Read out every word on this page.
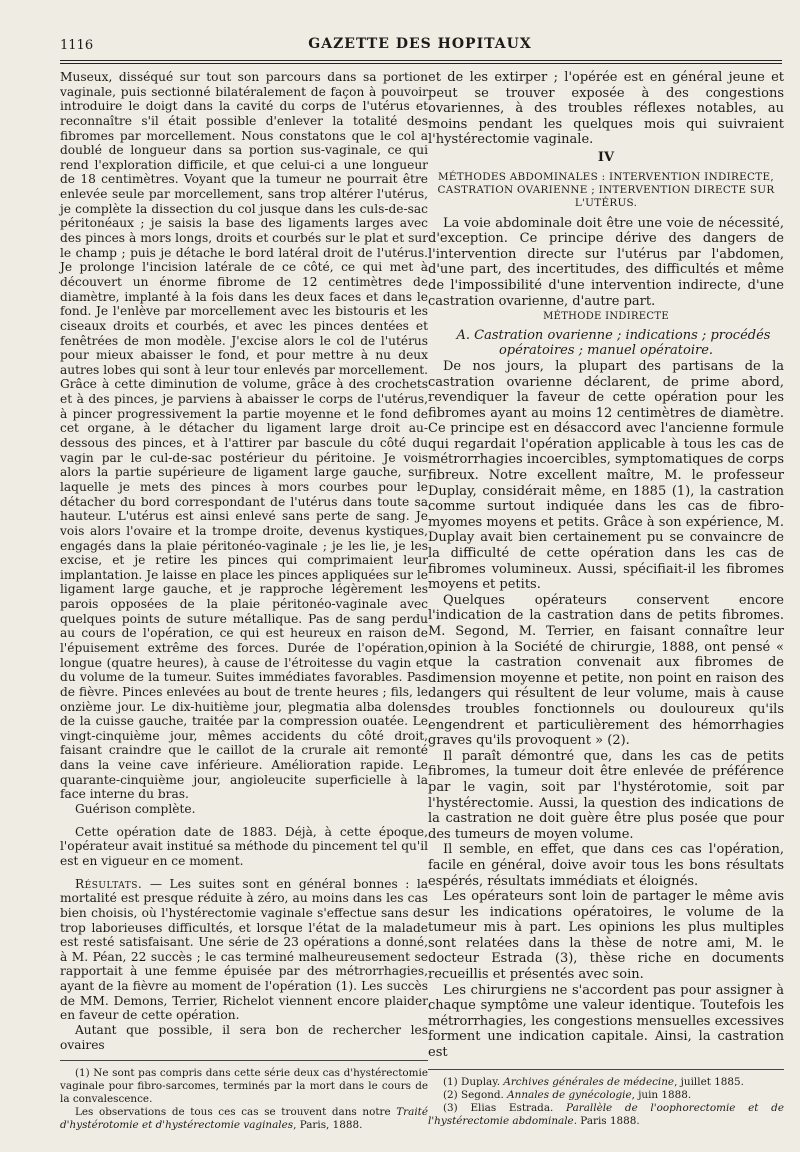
1116	GAZETTE DES HOPITAUX

Museux, disséqué sur tout son parcours dans sa portion vaginale, puis sectionné bilatéralement de façon à pouvoir introduire le doigt dans la cavité du corps de l'utérus et reconnaître s'il était possible d'enlever la totalité des fibromes par morcellement. Nous constatons que le col a doublé de longueur dans sa portion sus-vaginale, ce qui rend l'exploration difficile, et que celui-ci a une longueur de 18 centimètres. Voyant que la tumeur ne pourrait être enlevée seule par morcellement, sans trop altérer l'utérus, je complète la dissection du col jusque dans les culs-de-sac péritonéaux ; je saisis la base des ligaments larges avec des pinces à mors longs, droits et courbés sur le plat et sur le champ ; puis je détache le bord latéral droit de l'utérus. Je prolonge l'incision latérale de ce côté, ce qui met à découvert un énorme fibrome de 12 centimètres de diamètre, implanté à la fois dans les deux faces et dans le fond. Je l'enlève par morcellement avec les bistouris et les ciseaux droits et courbés, et avec les pinces dentées et fenêtrées de mon modèle. J'excise alors le col de l'utérus pour mieux abaisser le fond, et pour mettre à nu deux autres lobes qui sont à leur tour enlevés par morcellement. Grâce à cette diminution de volume, grâce à des crochets et à des pinces, je parviens à abaisser le corps de l'utérus, à pincer progressivement la partie moyenne et le fond de cet organe, à le détacher du ligament large droit au-dessous des pinces, et à l'attirer par bascule du côté du vagin par le cul-de-sac postérieur du péritoine. Je vois alors la partie supérieure de ligament large gauche, sur laquelle je mets des pinces à mors courbes pour le détacher du bord correspondant de l'utérus dans toute sa hauteur. L'utérus est ainsi enlevé sans perte de sang. Je vois alors l'ovaire et la trompe droite, devenus kystiques, engagés dans la plaie péritonéo-vaginale ; je les lie, je les excise, et je retire les pinces qui comprimaient leur implantation. Je laisse en place les pinces appliquées sur le ligament large gauche, et je rapproche légèrement les parois opposées de la plaie péritonéo-vaginale avec quelques points de suture métallique. Pas de sang perdu au cours de l'opération, ce qui est heureux en raison de l'épuisement extrême des forces. Durée de l'opération, longue (quatre heures), à cause de l'étroitesse du vagin et du volume de la tumeur. Suites immédiates favorables. Pas de fièvre. Pinces enlevées au bout de trente heures ; fils, le onzième jour. Le dix-huitième jour, plegmatia alba dolens de la cuisse gauche, traitée par la compression ouatée. Le vingt-cinquième jour, mêmes accidents du côté droit, faisant craindre que le caillot de la crurale ait remonté dans la veine cave inférieure. Amélioration rapide. Le quarante-cinquième jour, angioleucite superficielle à la face interne du bras.

Guérison complète.

Cette opération date de 1883. Déjà, à cette époque, l'opérateur avait institué sa méthode du pincement tel qu'il est en vigueur en ce moment.

Résultats. — Les suites sont en général bonnes : la mortalité est presque réduite à zéro, au moins dans les cas bien choisis, où l'hystérectomie vaginale s'effectue sans de trop laborieuses difficultés, et lorsque l'état de la malade est resté satisfaisant. Une série de 23 opérations a donné, à M. Péan, 22 succès ; le cas terminé malheureusement se rapportait à une femme épuisée par des métrorrhagies, ayant de la fièvre au moment de l'opération (1). Les succès de MM. Demons, Terrier, Richelot viennent encore plaider en faveur de cette opération.

Autant que possible, il sera bon de rechercher les ovaires

(1) Ne sont pas compris dans cette série deux cas d'hystérectomie vaginale pour fibro-sarcomes, terminés par la mort dans le cours de la convalescence.

Les observations de tous ces cas se trouvent dans notre Traité d'hystérotomie et d'hystérectomie vaginales, Paris, 1888.

et de les extirper ; l'opérée est en général jeune et peut se trouver exposée à des congestions ovariennes, à des troubles réflexes notables, au moins pendant les quelques mois qui suivraient l'hystérectomie vaginale.

IV
MÉTHODES ABDOMINALES : INTERVENTION INDIRECTE, CASTRATION OVARIENNE ; INTERVENTION DIRECTE SUR L'UTÉRUS.

La voie abdominale doit être une voie de nécessité, d'exception. Ce principe dérive des dangers de l'intervention directe sur l'utérus par l'abdomen, d'une part, des incertitudes, des difficultés et même de l'impossibilité d'une intervention indirecte, d'une castration ovarienne, d'autre part.

MÉTHODE INDIRECTE

A. Castration ovarienne ; indications ; procédés opératoires ; manuel opératoire.

De nos jours, la plupart des partisans de la castration ovarienne déclarent, de prime abord, revendiquer la faveur de cette opération pour les fibromes ayant au moins 12 centimètres de diamètre. Ce principe est en désaccord avec l'ancienne formule qui regardait l'opération applicable à tous les cas de métrorrhagies incoercibles, symptomatiques de corps fibreux. Notre excellent maître, M. le professeur Duplay, considérait même, en 1885 (1), la castration comme surtout indiquée dans les cas de fibro-myomes moyens et petits. Grâce à son expérience, M. Duplay avait bien certainement pu se convaincre de la difficulté de cette opération dans les cas de fibromes volumineux. Aussi, spécifiait-il les fibromes moyens et petits.

Quelques opérateurs conservent encore l'indication de la castration dans de petits fibromes. M. Segond, M. Terrier, en faisant connaître leur opinion à la Société de chirurgie, 1888, ont pensé « que la castration convenait aux fibromes de dimension moyenne et petite, non point en raison des dangers qui résultent de leur volume, mais à cause des troubles fonctionnels ou douloureux qu'ils engendrent et particulièrement des hémorrhagies graves qu'ils provoquent » (2).

Il paraît démontré que, dans les cas de petits fibromes, la tumeur doit être enlevée de préférence par le vagin, soit par l'hystérotomie, soit par l'hystérectomie. Aussi, la question des indications de la castration ne doit guère être plus posée que pour des tumeurs de moyen volume.

Il semble, en effet, que dans ces cas l'opération, facile en général, doive avoir tous les bons résultats espérés, résultats immédiats et éloignés.

Les opérateurs sont loin de partager le même avis sur les indications opératoires, le volume de la tumeur mis à part. Les opinions les plus multiples sont relatées dans la thèse de notre ami, M. le docteur Estrada (3), thèse riche en documents recueillis et présentés avec soin.

Les chirurgiens ne s'accordent pas pour assigner à chaque symptôme une valeur identique. Toutefois les métrorrhagies, les congestions mensuelles excessives forment une indication capitale. Ainsi, la castration est

(1) Duplay. Archives générales de médecine, juillet 1885.

(2) Segond. Annales de gynécologie, juin 1888.

(3) Elias Estrada. Parallèle de l'oophorectomie et de l'hystérectomie abdominale. Paris 1888.
